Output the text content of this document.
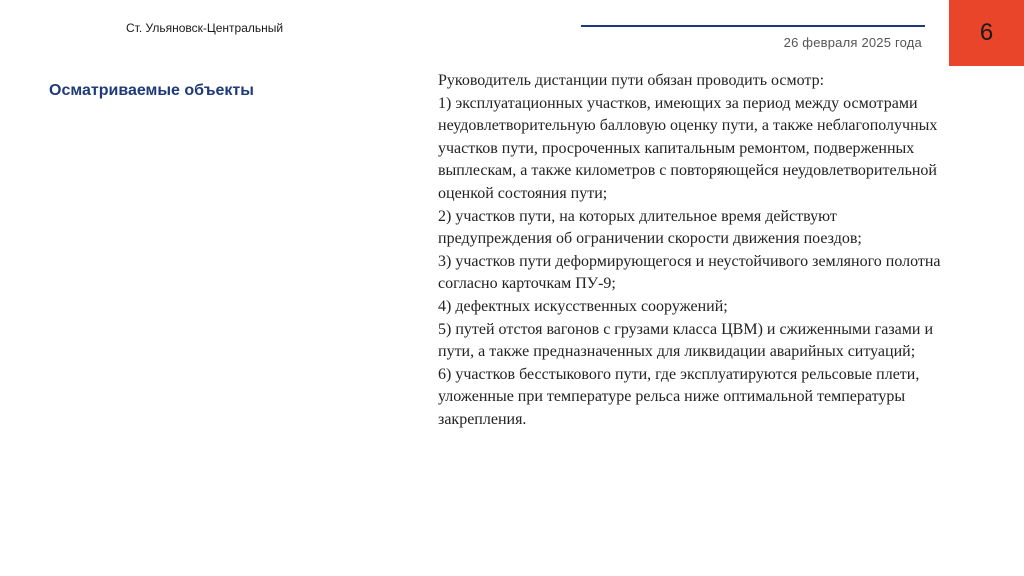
Ст. Ульяновск-Центральный
26 февраля 2025 года	6
Осматриваемые объекты

Руководитель дистанции пути обязан проводить осмотр:

1) эксплуатационных участков, имеющих за период между осмотрами неудовлетворительную балловую оценку пути, а также неблагополучных участков пути, просроченных капитальным ремонтом, подверженных выплескам, а также километров с повторяющейся неудовлетворительной оценкой состояния пути;

2) участков пути, на которых длительное время действуют предупреждения об ограничении скорости движения поездов;

3) участков пути деформирующегося и неустойчивого земляного полотна согласно карточкам ПУ-9;

4) дефектных искусственных сооружений;

5) путей отстоя вагонов с грузами класса ЦВМ) и сжиженными газами и пути, а также предназначенных для ликвидации аварийных ситуаций;

6) участков бесстыкового пути, где эксплуатируются рельсовые плети, уложенные при температуре рельса ниже оптимальной температуры закрепления.
